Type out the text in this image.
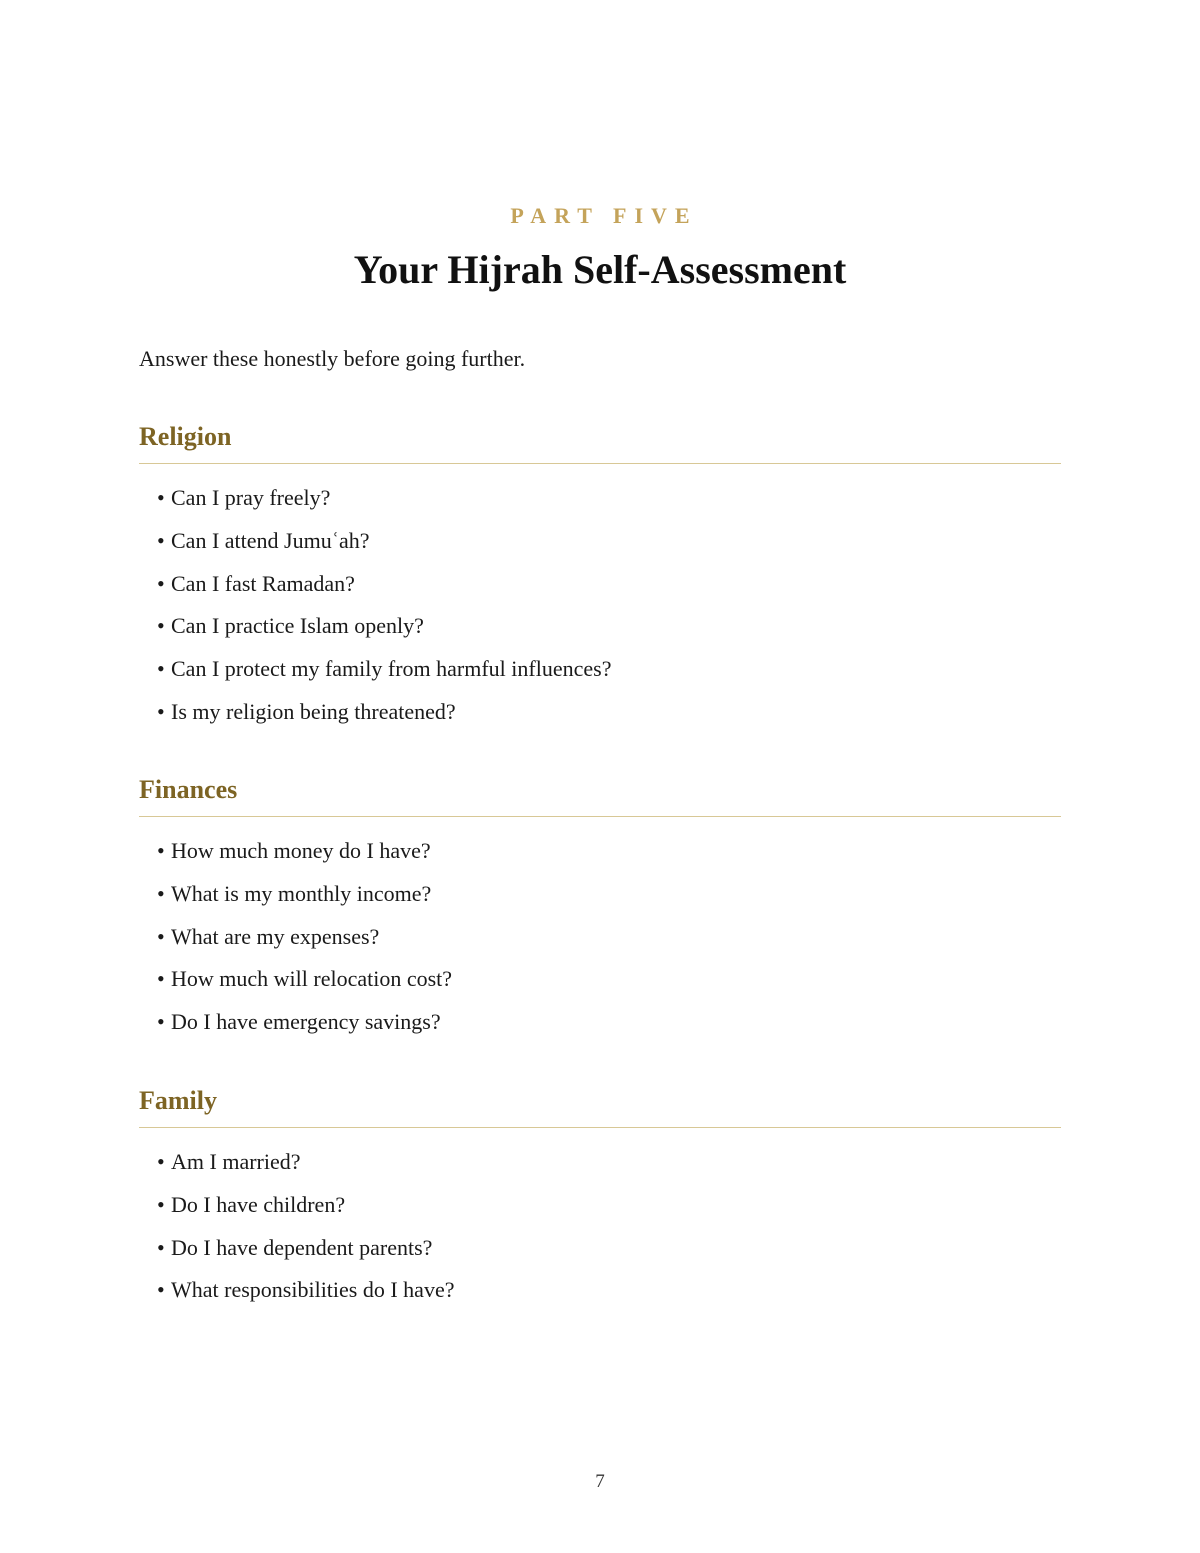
PART FIVE
Your Hijrah Self-Assessment

Answer these honestly before going further.

Religion
• Can I pray freely?
• Can I attend Jumuʿah?
• Can I fast Ramadan?
• Can I practice Islam openly?
• Can I protect my family from harmful influences?
• Is my religion being threatened?
Finances
• How much money do I have?
• What is my monthly income?
• What are my expenses?
• How much will relocation cost?
• Do I have emergency savings?
Family
• Am I married?
• Do I have children?
• Do I have dependent parents?
• What responsibilities do I have?
7
